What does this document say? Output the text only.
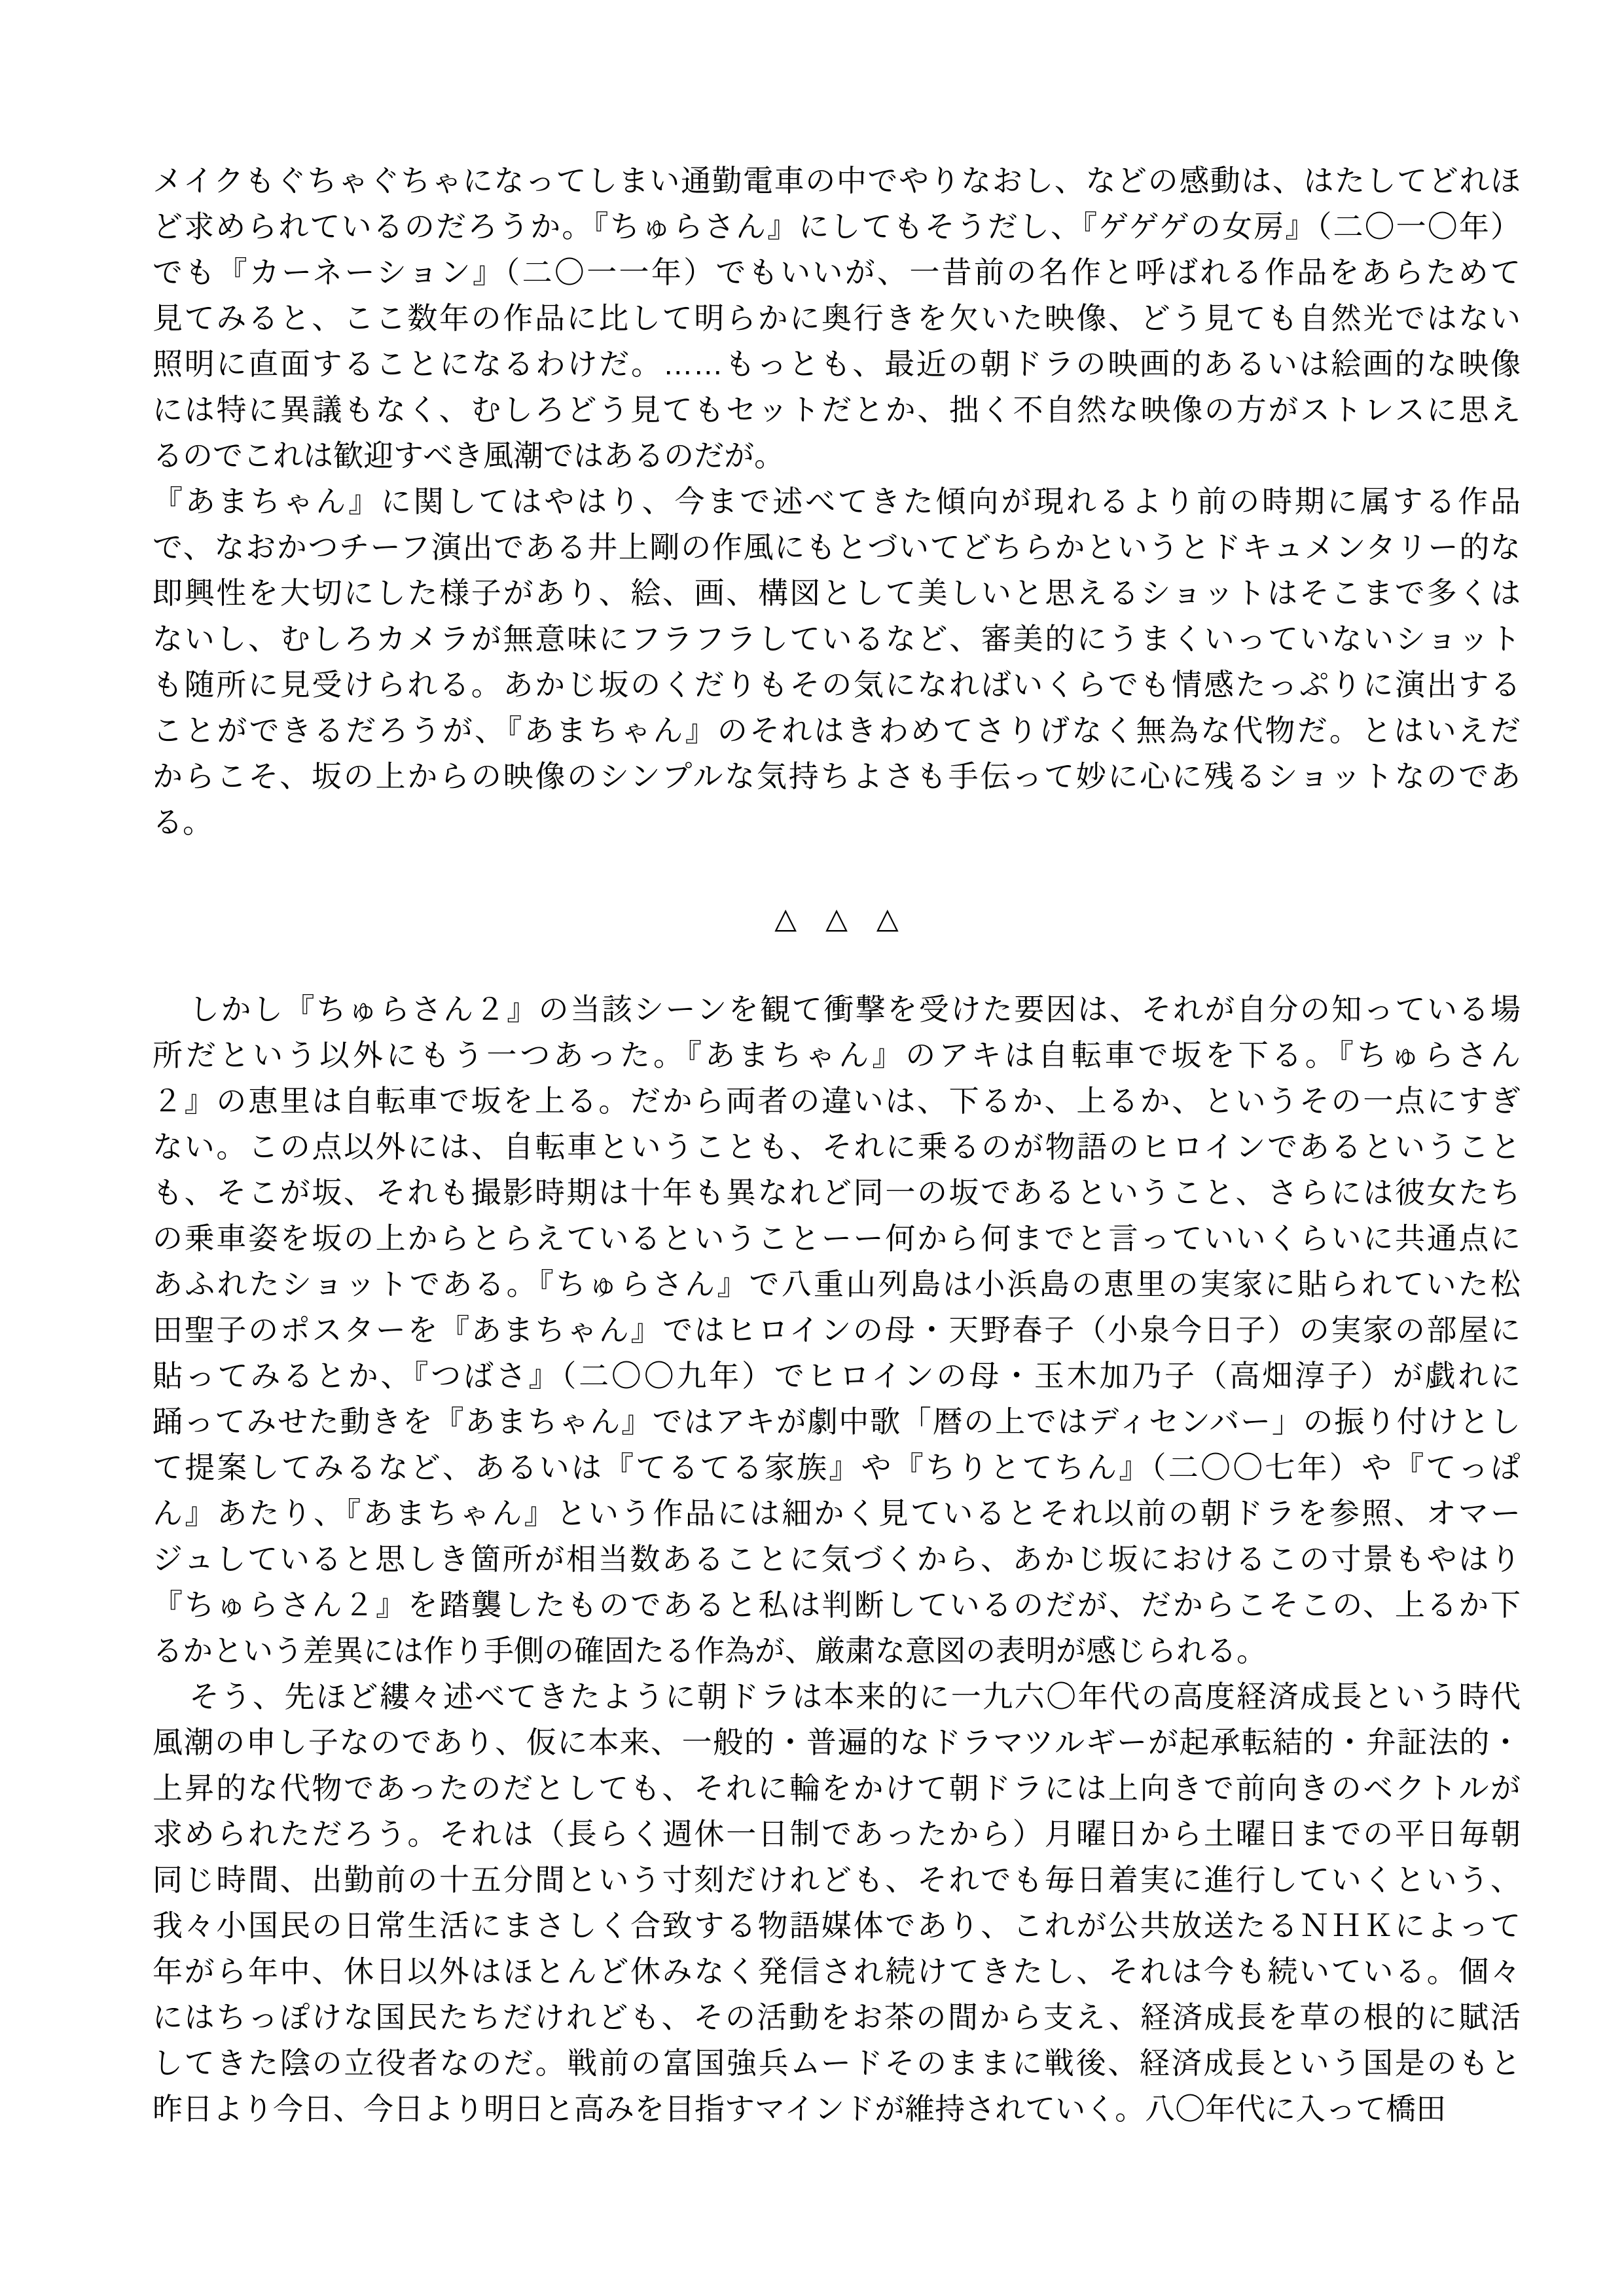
メイクもぐちゃぐちゃになってしまい通勤電車の中でやりなおし、などの感動は、はたしてどれほ
ど求められているのだろうか。『ちゅらさん』にしてもそうだし、『ゲゲゲの女房』（二〇一〇年）
でも『カーネーション』（二〇一一年）でもいいが、一昔前の名作と呼ばれる作品をあらためて
見てみると、ここ数年の作品に比して明らかに奥行きを欠いた映像、どう見ても自然光ではない
照明に直面することになるわけだ。……もっとも、最近の朝ドラの映画的あるいは絵画的な映像
には特に異議もなく、むしろどう見てもセットだとか、拙く不自然な映像の方がストレスに思え
るのでこれは歓迎すべき風潮ではあるのだが。
『あまちゃん』に関してはやはり、今まで述べてきた傾向が現れるより前の時期に属する作品
で、なおかつチーフ演出である井上剛の作風にもとづいてどちらかというとドキュメンタリー的な
即興性を大切にした様子があり、絵、画、構図として美しいと思えるショットはそこまで多くは
ないし、むしろカメラが無意味にフラフラしているなど、審美的にうまくいっていないショット
も随所に見受けられる。あかじ坂のくだりもその気になればいくらでも情感たっぷりに演出する
ことができるだろうが、『あまちゃん』のそれはきわめてさりげなく無為な代物だ。とはいえだ
からこそ、坂の上からの映像のシンプルな気持ちよさも手伝って妙に心に残るショットなのであ
る。
△　△　△
しかし『ちゅらさん２』の当該シーンを観て衝撃を受けた要因は、それが自分の知っている場
所だという以外にもう一つあった。『あまちゃん』のアキは自転車で坂を下る。『ちゅらさん
２』の恵里は自転車で坂を上る。だから両者の違いは、下るか、上るか、というその一点にすぎ
ない。この点以外には、自転車ということも、それに乗るのが物語のヒロインであるということ
も、そこが坂、それも撮影時期は十年も異なれど同一の坂であるということ、さらには彼女たち
の乗車姿を坂の上からとらえているということーー何から何までと言っていいくらいに共通点に
あふれたショットである。『ちゅらさん』で八重山列島は小浜島の恵里の実家に貼られていた松
田聖子のポスターを『あまちゃん』ではヒロインの母・天野春子（小泉今日子）の実家の部屋に
貼ってみるとか、『つばさ』（二〇〇九年）でヒロインの母・玉木加乃子（高畑淳子）が戯れに
踊ってみせた動きを『あまちゃん』ではアキが劇中歌「暦の上ではディセンバー」の振り付けとし
て提案してみるなど、あるいは『てるてる家族』や『ちりとてちん』（二〇〇七年）や『てっぱ
ん』あたり、『あまちゃん』という作品には細かく見ているとそれ以前の朝ドラを参照、オマー
ジュしていると思しき箇所が相当数あることに気づくから、あかじ坂におけるこの寸景もやはり
『ちゅらさん２』を踏襲したものであると私は判断しているのだが、だからこそこの、上るか下
るかという差異には作り手側の確固たる作為が、厳粛な意図の表明が感じられる。
そう、先ほど縷々述べてきたように朝ドラは本来的に一九六〇年代の高度経済成長という時代
風潮の申し子なのであり、仮に本来、一般的・普遍的なドラマツルギーが起承転結的・弁証法的・
上昇的な代物であったのだとしても、それに輪をかけて朝ドラには上向きで前向きのベクトルが
求められただろう。それは（長らく週休一日制であったから）月曜日から土曜日までの平日毎朝
同じ時間、出勤前の十五分間という寸刻だけれども、それでも毎日着実に進行していくという、
我々小国民の日常生活にまさしく合致する物語媒体であり、これが公共放送たるＮＨＫによって
年がら年中、休日以外はほとんど休みなく発信され続けてきたし、それは今も続いている。個々
にはちっぽけな国民たちだけれども、その活動をお茶の間から支え、経済成長を草の根的に賦活
してきた陰の立役者なのだ。戦前の富国強兵ムードそのままに戦後、経済成長という国是のもと
昨日より今日、今日より明日と高みを目指すマインドが維持されていく。八〇年代に入って橋田
